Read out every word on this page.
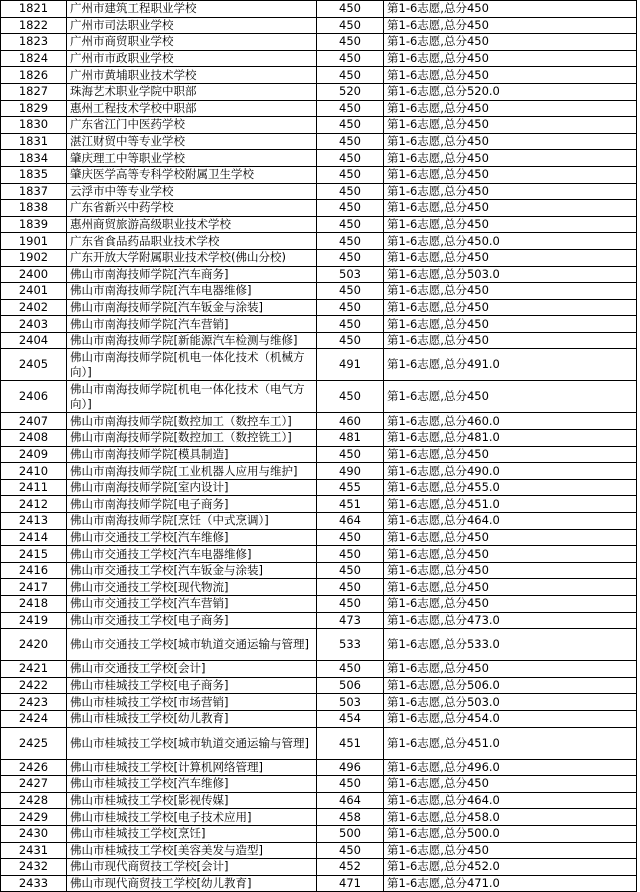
1821	广州市建筑工程职业学校	450	第1-6志愿,总分450
1822	广州市司法职业学校	450	第1-6志愿,总分450
1823	广州市商贸职业学校	450	第1-6志愿,总分450
1824	广州市市政职业学校	450	第1-6志愿,总分450
1826	广州市黄埔职业技术学校	450	第1-6志愿,总分450
1827	珠海艺术职业学院中职部	520	第1-6志愿,总分520.0
1829	惠州工程技术学校中职部	450	第1-6志愿,总分450
1830	广东省江门中医药学校	450	第1-6志愿,总分450
1831	湛江财贸中等专业学校	450	第1-6志愿,总分450
1834	肇庆理工中等职业学校	450	第1-6志愿,总分450
1835	肇庆医学高等专科学校附属卫生学校	450	第1-6志愿,总分450
1837	云浮市中等专业学校	450	第1-6志愿,总分450
1838	广东省新兴中药学校	450	第1-6志愿,总分450
1839	惠州商贸旅游高级职业技术学校	450	第1-6志愿,总分450
1901	广东省食品药品职业技术学校	450	第1-6志愿,总分450.0
1902	广东开放大学附属职业技术学校(佛山分校)	450	第1-6志愿,总分450
2400	佛山市南海技师学院[汽车商务]	503	第1-6志愿,总分503.0
2401	佛山市南海技师学院[汽车电器维修]	450	第1-6志愿,总分450
2402	佛山市南海技师学院[汽车钣金与涂装]	450	第1-6志愿,总分450
2403	佛山市南海技师学院[汽车营销]	450	第1-6志愿,总分450
2404	佛山市南海技师学院[新能源汽车检测与维修]	450	第1-6志愿,总分450
2405	佛山市南海技师学院[机电一体化技术（机械方向）]	491	第1-6志愿,总分491.0
2406	佛山市南海技师学院[机电一体化技术（电气方向）]	450	第1-6志愿,总分450
2407	佛山市南海技师学院[数控加工（数控车工）]	460	第1-6志愿,总分460.0
2408	佛山市南海技师学院[数控加工（数控铣工）]	481	第1-6志愿,总分481.0
2409	佛山市南海技师学院[模具制造]	450	第1-6志愿,总分450
2410	佛山市南海技师学院[工业机器人应用与维护]	490	第1-6志愿,总分490.0
2411	佛山市南海技师学院[室内设计]	455	第1-6志愿,总分455.0
2412	佛山市南海技师学院[电子商务]	451	第1-6志愿,总分451.0
2413	佛山市南海技师学院[烹饪（中式烹调）]	464	第1-6志愿,总分464.0
2414	佛山市交通技工学校[汽车维修]	450	第1-6志愿,总分450
2415	佛山市交通技工学校[汽车电器维修]	450	第1-6志愿,总分450
2416	佛山市交通技工学校[汽车钣金与涂装]	450	第1-6志愿,总分450
2417	佛山市交通技工学校[现代物流]	450	第1-6志愿,总分450
2418	佛山市交通技工学校[汽车营销]	450	第1-6志愿,总分450
2419	佛山市交通技工学校[电子商务]	473	第1-6志愿,总分473.0
2420	佛山市交通技工学校[城市轨道交通运输与管理]	533	第1-6志愿,总分533.0
2421	佛山市交通技工学校[会计]	450	第1-6志愿,总分450
2422	佛山市桂城技工学校[电子商务]	506	第1-6志愿,总分506.0
2423	佛山市桂城技工学校[市场营销]	503	第1-6志愿,总分503.0
2424	佛山市桂城技工学校[幼儿教育]	454	第1-6志愿,总分454.0
2425	佛山市桂城技工学校[城市轨道交通运输与管理]	451	第1-6志愿,总分451.0
2426	佛山市桂城技工学校[计算机网络管理]	496	第1-6志愿,总分496.0
2427	佛山市桂城技工学校[汽车维修]	450	第1-6志愿,总分450
2428	佛山市桂城技工学校[影视传媒]	464	第1-6志愿,总分464.0
2429	佛山市桂城技工学校[电子技术应用]	458	第1-6志愿,总分458.0
2430	佛山市桂城技工学校[烹饪]	500	第1-6志愿,总分500.0
2431	佛山市桂城技工学校[美容美发与造型]	450	第1-6志愿,总分450
2432	佛山市现代商贸技工学校[会计]	452	第1-6志愿,总分452.0
2433	佛山市现代商贸技工学校[幼儿教育]	471	第1-6志愿,总分471.0
